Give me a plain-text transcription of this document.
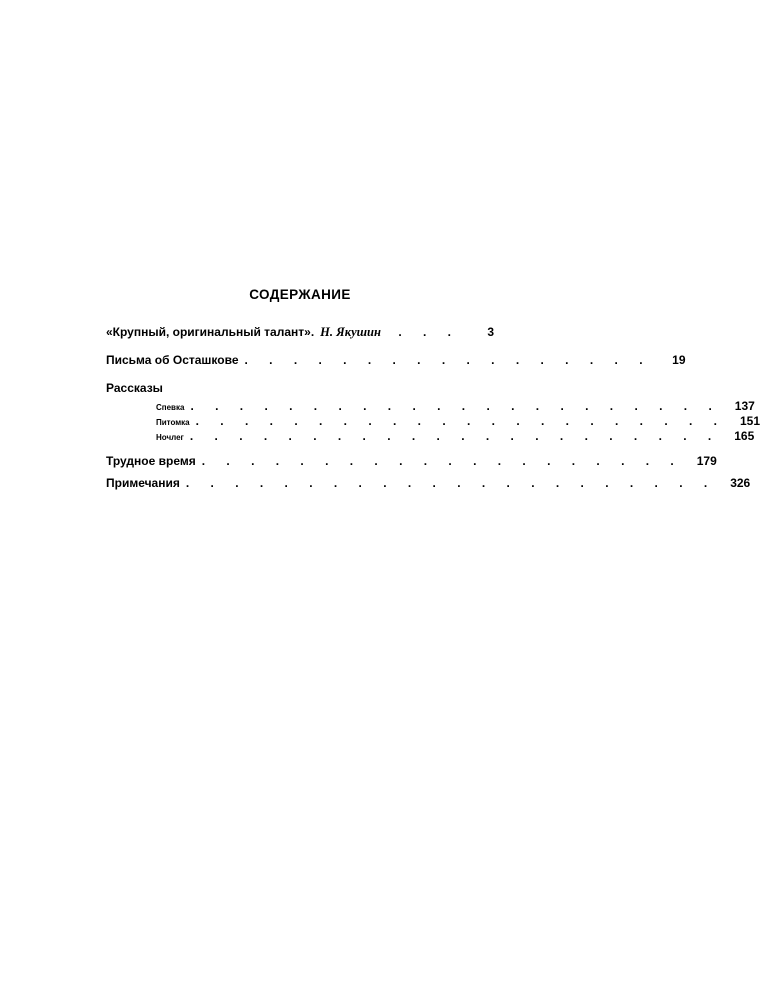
СОДЕРЖАНИЕ
«Крупный, оригинальный талант». Н. Якушин	. . .	3
Письма об Осташкове . . . . . . . . . . . . . . . . .	19
Рассказы
Спевка . . . . . . . . . . . . . . . . . . . . . .	137
Питомка . . . . . . . . . . . . . . . . . . . . . .	151
Ночлег . . . . . . . . . . . . . . . . . . . . . .	165
Трудное время . . . . . . . . . . . . . . . . . . . .	179
Примечания . . . . . . . . . . . . . . . . . . . . . .	326
